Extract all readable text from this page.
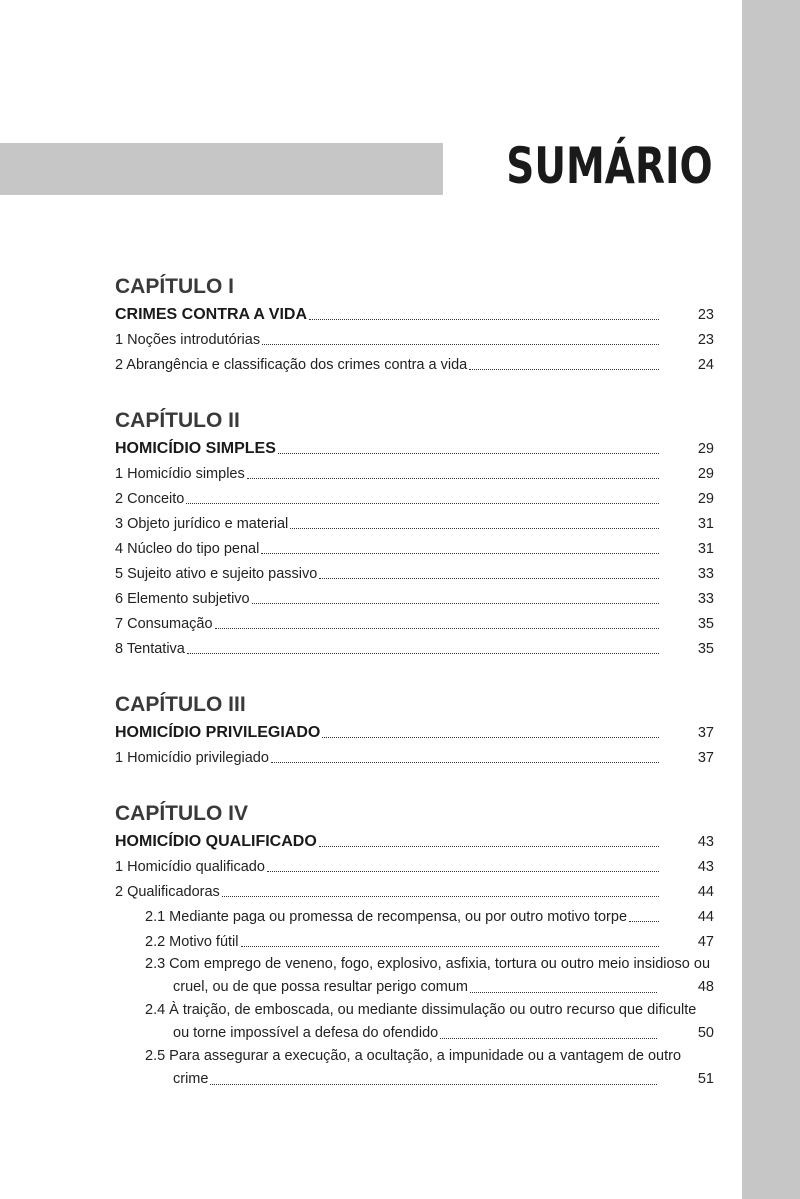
SUMÁRIO
CAPÍTULO I
CRIMES CONTRA A VIDA	23
1 Noções introdutórias	23
2 Abrangência e classificação dos crimes contra a vida	24
CAPÍTULO II
HOMICÍDIO SIMPLES	29
1 Homicídio simples	29
2 Conceito	29
3 Objeto jurídico e material	31
4 Núcleo do tipo penal	31
5 Sujeito ativo e sujeito passivo	33
6 Elemento subjetivo	33
7 Consumação	35
8 Tentativa	35
CAPÍTULO III
HOMICÍDIO PRIVILEGIADO	37
1 Homicídio privilegiado	37
CAPÍTULO IV
HOMICÍDIO QUALIFICADO	43
1 Homicídio qualificado	43
2 Qualificadoras	44
2.1 Mediante paga ou promessa de recompensa, ou por outro motivo torpe	44
2.2 Motivo fútil	47
2.3 Com emprego de veneno, fogo, explosivo, asfixia, tortura ou outro meio insidioso ou
cruel, ou de que possa resultar perigo comum	48
2.4 À traição, de emboscada, ou mediante dissimulação ou outro recurso que dificulte
ou torne impossível a defesa do ofendido	50
2.5 Para assegurar a execução, a ocultação, a impunidade ou a vantagem de outro
crime	51
